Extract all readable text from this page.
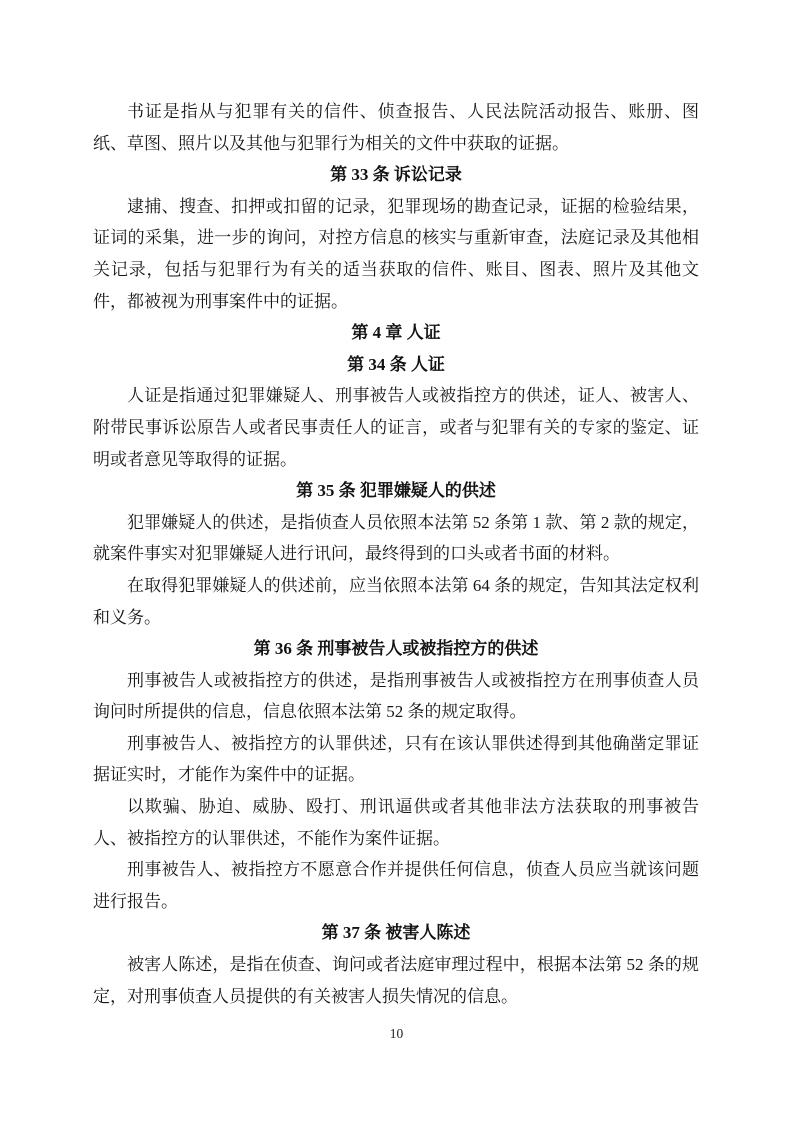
书证是指从与犯罪有关的信件、侦查报告、人民法院活动报告、账册、图纸、草图、照片以及其他与犯罪行为相关的文件中获取的证据。

第 33 条 诉讼记录

逮捕、搜查、扣押或扣留的记录，犯罪现场的勘查记录，证据的检验结果，证词的采集，进一步的询问，对控方信息的核实与重新审查，法庭记录及其他相关记录，包括与犯罪行为有关的适当获取的信件、账目、图表、照片及其他文件，都被视为刑事案件中的证据。

第 4 章 人证
第 34 条 人证

人证是指通过犯罪嫌疑人、刑事被告人或被指控方的供述，证人、被害人、附带民事诉讼原告人或者民事责任人的证言，或者与犯罪有关的专家的鉴定、证明或者意见等取得的证据。

第 35 条 犯罪嫌疑人的供述

犯罪嫌疑人的供述，是指侦查人员依照本法第 52 条第 1 款、第 2 款的规定，就案件事实对犯罪嫌疑人进行讯问，最终得到的口头或者书面的材料。

在取得犯罪嫌疑人的供述前，应当依照本法第 64 条的规定，告知其法定权利和义务。

第 36 条 刑事被告人或被指控方的供述

刑事被告人或被指控方的供述，是指刑事被告人或被指控方在刑事侦查人员询问时所提供的信息，信息依照本法第 52 条的规定取得。

刑事被告人、被指控方的认罪供述，只有在该认罪供述得到其他确凿定罪证据证实时，才能作为案件中的证据。

以欺骗、胁迫、威胁、殴打、刑讯逼供或者其他非法方法获取的刑事被告人、被指控方的认罪供述，不能作为案件证据。

刑事被告人、被指控方不愿意合作并提供任何信息，侦查人员应当就该问题进行报告。

第 37 条 被害人陈述

被害人陈述，是指在侦查、询问或者法庭审理过程中，根据本法第 52 条的规定，对刑事侦查人员提供的有关被害人损失情况的信息。

10
